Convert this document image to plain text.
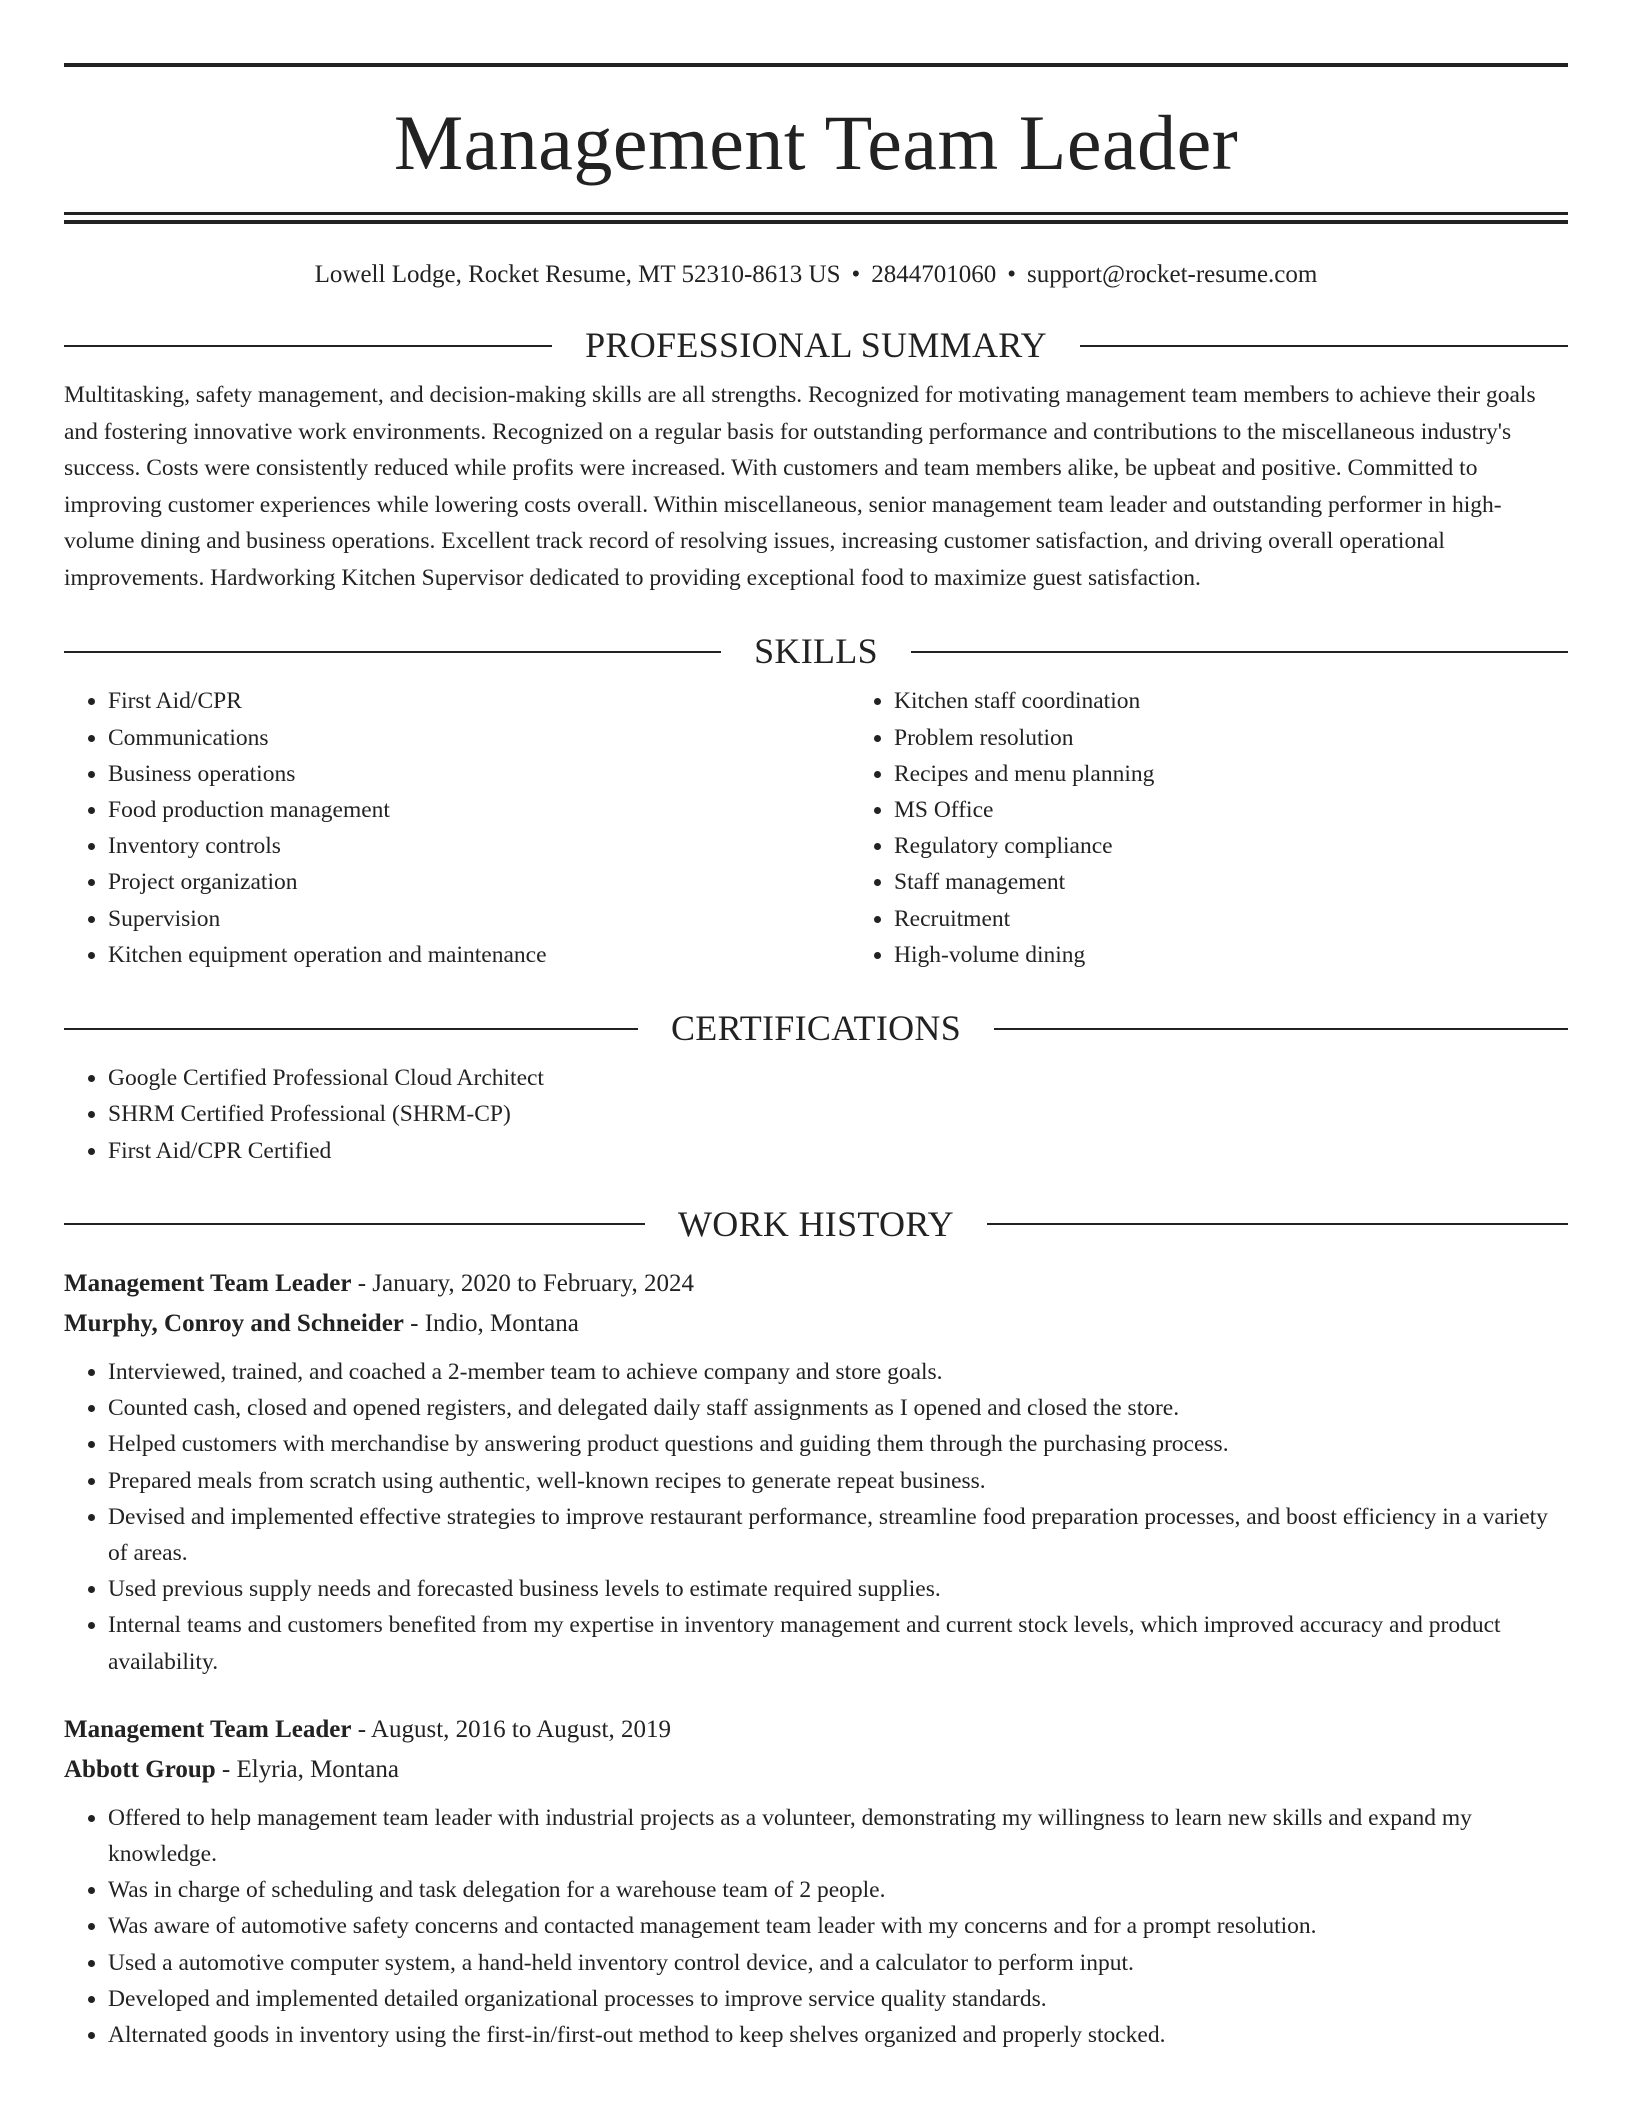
Management Team Leader
Lowell Lodge, Rocket Resume, MT 52310-8613 US • 2844701060 • support@rocket-resume.com
PROFESSIONAL SUMMARY
Multitasking, safety management, and decision-making skills are all strengths. Recognized for motivating management team members to achieve their goals and fostering innovative work environments. Recognized on a regular basis for outstanding performance and contributions to the miscellaneous industry's success. Costs were consistently reduced while profits were increased. With customers and team members alike, be upbeat and positive. Committed to improving customer experiences while lowering costs overall. Within miscellaneous, senior management team leader and outstanding performer in high-volume dining and business operations. Excellent track record of resolving issues, increasing customer satisfaction, and driving overall operational improvements. Hardworking Kitchen Supervisor dedicated to providing exceptional food to maximize guest satisfaction.
SKILLS
• First Aid/CPR
• Communications
• Business operations
• Food production management
• Inventory controls
• Project organization
• Supervision
• Kitchen equipment operation and maintenance
• Kitchen staff coordination
• Problem resolution
• Recipes and menu planning
• MS Office
• Regulatory compliance
• Staff management
• Recruitment
• High-volume dining
CERTIFICATIONS
• Google Certified Professional Cloud Architect
• SHRM Certified Professional (SHRM-CP)
• First Aid/CPR Certified
WORK HISTORY
Management Team Leader - January, 2020 to February, 2024
Murphy, Conroy and Schneider - Indio, Montana
• Interviewed, trained, and coached a 2-member team to achieve company and store goals.
• Counted cash, closed and opened registers, and delegated daily staff assignments as I opened and closed the store.
• Helped customers with merchandise by answering product questions and guiding them through the purchasing process.
• Prepared meals from scratch using authentic, well-known recipes to generate repeat business.
• Devised and implemented effective strategies to improve restaurant performance, streamline food preparation processes, and boost efficiency in a variety of areas.
• Used previous supply needs and forecasted business levels to estimate required supplies.
• Internal teams and customers benefited from my expertise in inventory management and current stock levels, which improved accuracy and product availability.
Management Team Leader - August, 2016 to August, 2019
Abbott Group - Elyria, Montana
• Offered to help management team leader with industrial projects as a volunteer, demonstrating my willingness to learn new skills and expand my knowledge.
• Was in charge of scheduling and task delegation for a warehouse team of 2 people.
• Was aware of automotive safety concerns and contacted management team leader with my concerns and for a prompt resolution.
• Used a automotive computer system, a hand-held inventory control device, and a calculator to perform input.
• Developed and implemented detailed organizational processes to improve service quality standards.
• Alternated goods in inventory using the first-in/first-out method to keep shelves organized and properly stocked.
